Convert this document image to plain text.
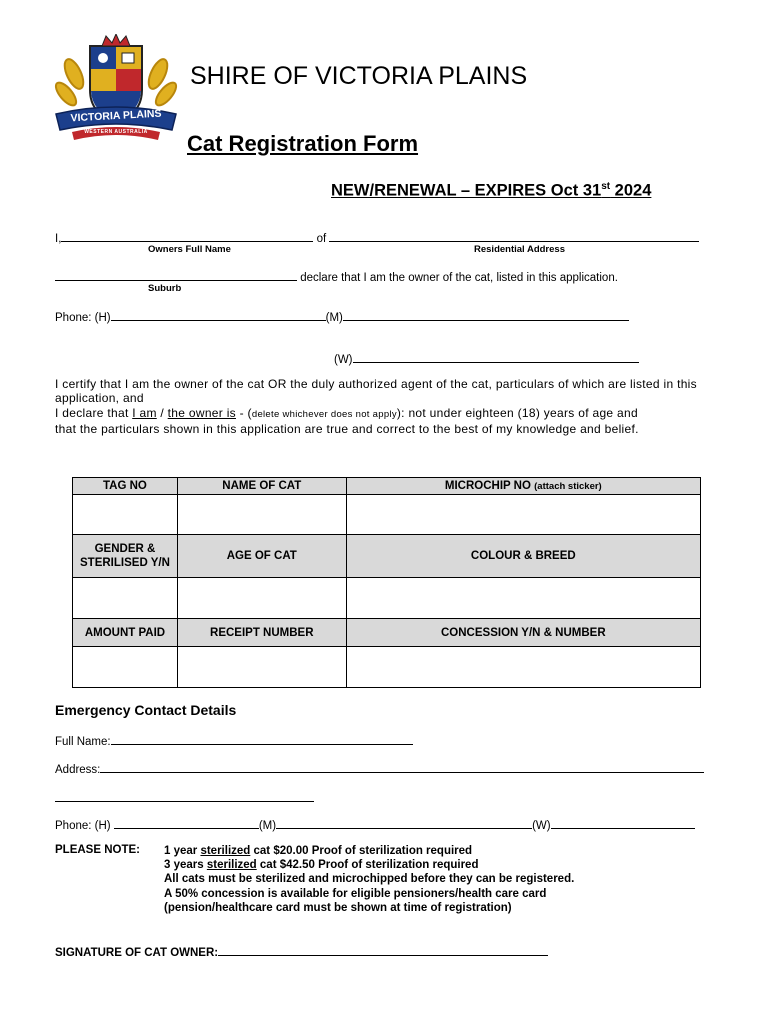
VICTORIA PLAINS
WESTERN AUSTRALIA
SHIRE OF VICTORIA PLAINS
Cat Registration Form
NEW/RENEWAL – EXPIRES Oct 31st 2024
I,	of
Owners Full Name	Residential Address
declare that I am the owner of the cat, listed in this application.
Suburb
Phone: (H)	(M)
(W)
I certify that I am the owner of the cat OR the duly authorized agent of the cat, particulars of which are listed in this application, and
I declare that I am / the owner is - (delete whichever does not apply): not under eighteen (18) years of age and
that the particulars shown in this application are true and correct to the best of my knowledge and belief.
TAG NO	NAME OF CAT	MICROCHIP NO (attach sticker)

GENDER & STERILISED Y/N	AGE OF CAT	COLOUR & BREED

AMOUNT PAID	RECEIPT NUMBER	CONCESSION Y/N & NUMBER

Emergency Contact Details
Full Name:
Address:
Phone: (H)	(M)	(W)
PLEASE NOTE: 1 year sterilized cat $20.00 Proof of sterilization required
3 years sterilized cat $42.50 Proof of sterilization required
All cats must be sterilized and microchipped before they can be registered.
A 50% concession is available for eligible pensioners/health care card
(pension/healthcare card must be shown at time of registration)
SIGNATURE OF CAT OWNER:
